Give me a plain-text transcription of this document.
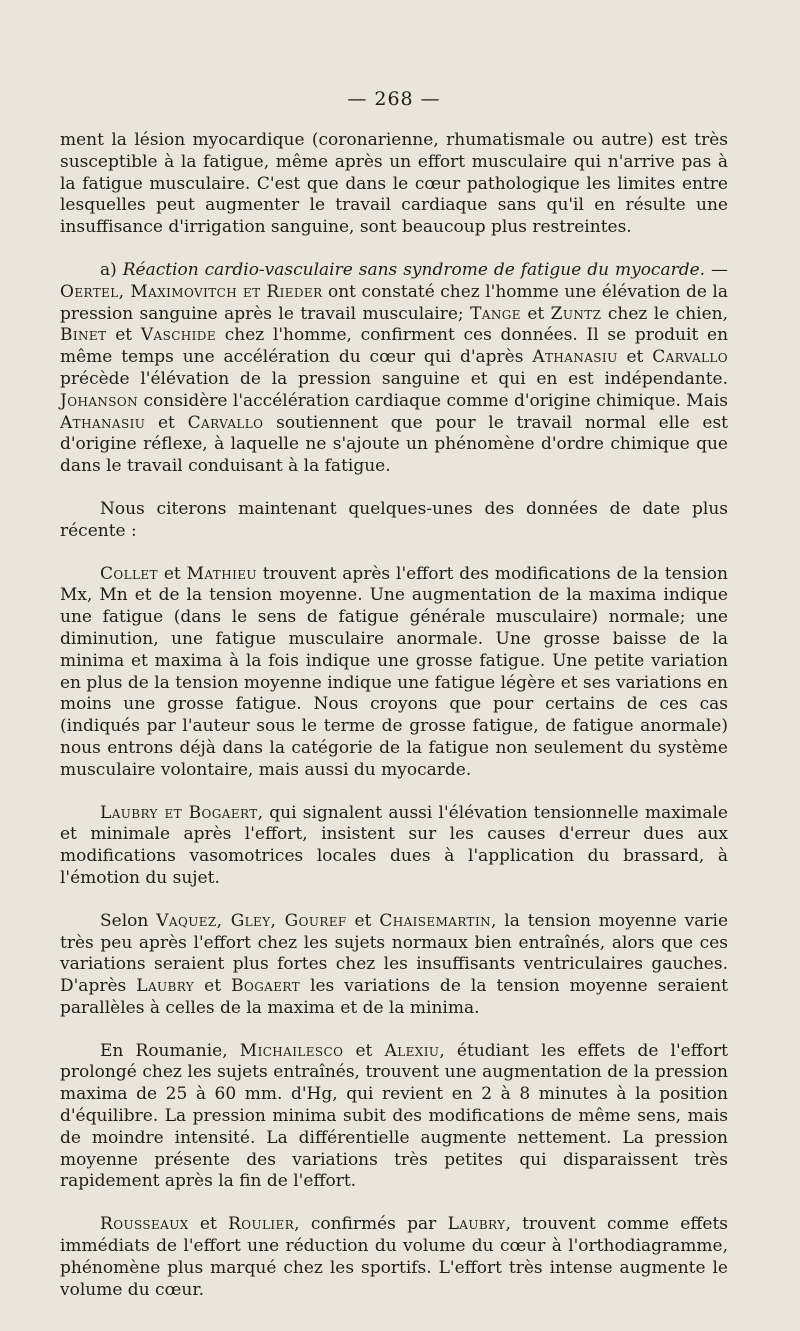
— 268 —

ment la lésion myocardique (coronarienne, rhumatismale ou autre) est très susceptible à la fatigue, même après un effort musculaire qui n'arrive pas à la fatigue musculaire. C'est que dans le cœur pathologique les limites entre lesquelles peut augmenter le travail cardiaque sans qu'il en résulte une insuffisance d'irrigation sanguine, sont beaucoup plus restreintes.

a) Réaction cardio-vasculaire sans syndrome de fatigue du myocarde. — Oertel, Maximovitch et Rieder ont constaté chez l'homme une élévation de la pression sanguine après le travail musculaire; Tange et Zuntz chez le chien, Binet et Vaschide chez l'homme, confirment ces données. Il se produit en même temps une accélération du cœur qui d'après Athanasiu et Carvallo précède l'élévation de la pression sanguine et qui en est indépendante. Johanson considère l'accélération cardiaque comme d'origine chimique. Mais Athanasiu et Carvallo soutiennent que pour le travail normal elle est d'origine réflexe, à laquelle ne s'ajoute un phénomène d'ordre chimique que dans le travail conduisant à la fatigue.

Nous citerons maintenant quelques-unes des données de date plus récente :

Collet et Mathieu trouvent après l'effort des modifications de la tension Mx, Mn et de la tension moyenne. Une augmentation de la maxima indique une fatigue (dans le sens de fatigue générale musculaire) normale; une diminution, une fatigue musculaire anormale. Une grosse baisse de la minima et maxima à la fois indique une grosse fatigue. Une petite variation en plus de la tension moyenne indique une fatigue légère et ses variations en moins une grosse fatigue. Nous croyons que pour certains de ces cas (indiqués par l'auteur sous le terme de grosse fatigue, de fatigue anormale) nous entrons déjà dans la catégorie de la fatigue non seulement du système musculaire volontaire, mais aussi du myocarde.

Laubry et Bogaert, qui signalent aussi l'élévation tensionnelle maximale et minimale après l'effort, insistent sur les causes d'erreur dues aux modifications vasomotrices locales dues à l'application du brassard, à l'émotion du sujet.

Selon Vaquez, Gley, Gouref et Chaisemartin, la tension moyenne varie très peu après l'effort chez les sujets normaux bien entraînés, alors que ces variations seraient plus fortes chez les insuffisants ventriculaires gauches. D'après Laubry et Bogaert les variations de la tension moyenne seraient parallèles à celles de la maxima et de la minima.

En Roumanie, Michailesco et Alexiu, étudiant les effets de l'effort prolongé chez les sujets entraînés, trouvent une augmentation de la pression maxima de 25 à 60 mm. d'Hg, qui revient en 2 à 8 minutes à la position d'équilibre. La pression minima subit des modifications de même sens, mais de moindre intensité. La différentielle augmente nettement. La pression moyenne présente des variations très petites qui disparaissent très rapidement après la fin de l'effort.

Rousseaux et Roulier, confirmés par Laubry, trouvent comme effets immédiats de l'effort une réduction du volume du cœur à l'orthodiagramme, phénomène plus marqué chez les sportifs. L'effort très intense augmente le volume du cœur.
